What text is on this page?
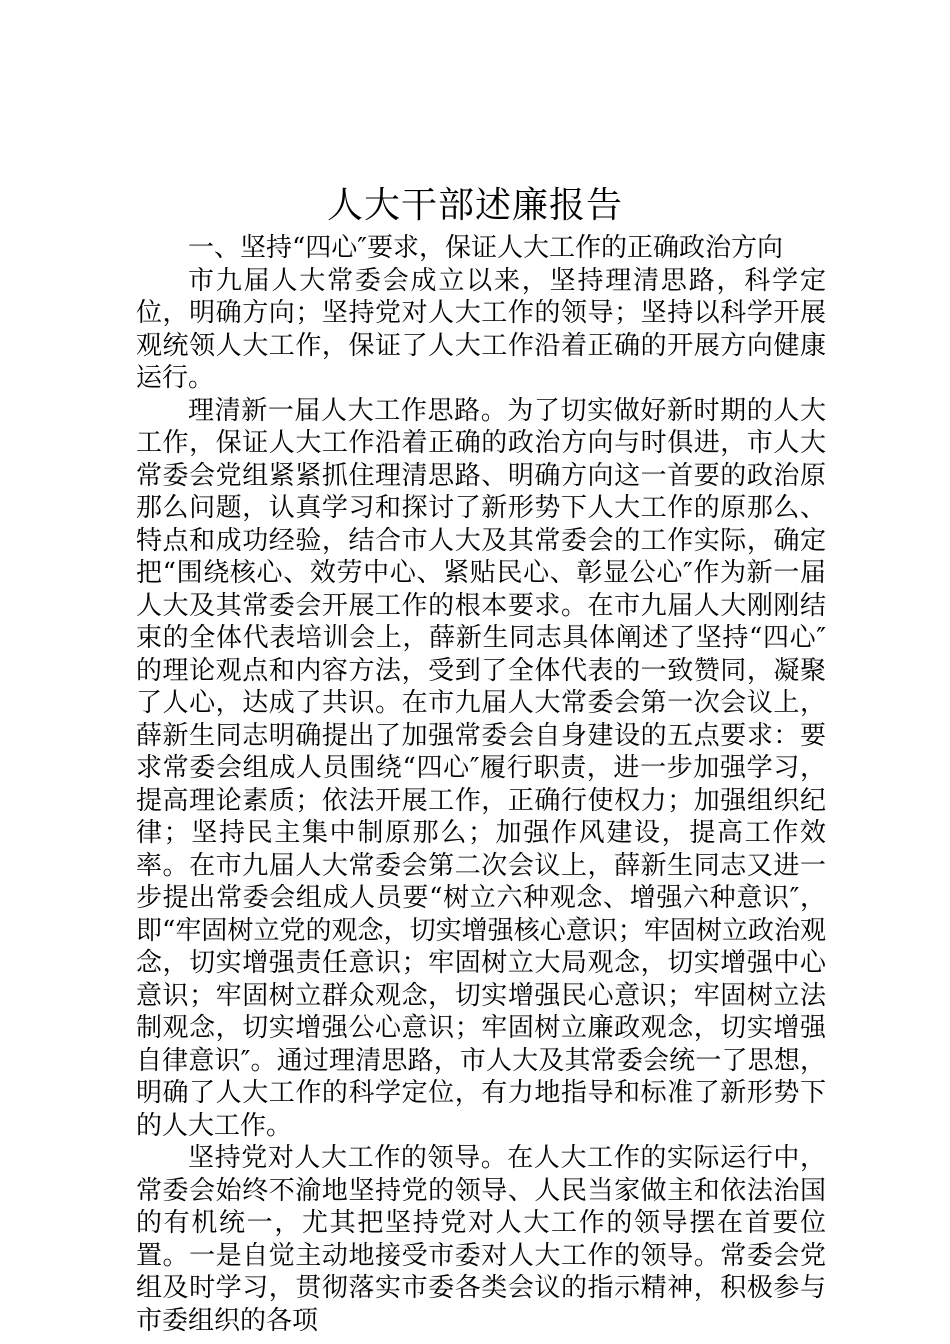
人大干部述廉报告

一、坚持“四心″要求，保证人大工作的正确政治方向

市九届人大常委会成立以来，坚持理清思路，科学定位，明确方向；坚持党对人大工作的领导；坚持以科学开展观统领人大工作，保证了人大工作沿着正确的开展方向健康运行。

理清新一届人大工作思路。为了切实做好新时期的人大工作，保证人大工作沿着正确的政治方向与时俱进，市人大常委会党组紧紧抓住理清思路、明确方向这一首要的政治原那么问题，认真学习和探讨了新形势下人大工作的原那么、特点和成功经验，结合市人大及其常委会的工作实际，确定把“围绕核心、效劳中心、紧贴民心、彰显公心″作为新一届人大及其常委会开展工作的根本要求。在市九届人大刚刚结束的全体代表培训会上，薛新生同志具体阐述了坚持“四心″的理论观点和内容方法，受到了全体代表的一致赞同，凝聚了人心，达成了共识。在市九届人大常委会第一次会议上，薛新生同志明确提出了加强常委会自身建设的五点要求：要求常委会组成人员围绕“四心″履行职责，进一步加强学习，提高理论素质；依法开展工作，正确行使权力；加强组织纪律；坚持民主集中制原那么；加强作风建设，提高工作效率。在市九届人大常委会第二次会议上，薛新生同志又进一步提出常委会组成人员要“树立六种观念、增强六种意识″，即“牢固树立党的观念，切实增强核心意识；牢固树立政治观念，切实增强责任意识；牢固树立大局观念，切实增强中心意识；牢固树立群众观念，切实增强民心意识；牢固树立法制观念，切实增强公心意识；牢固树立廉政观念，切实增强自律意识″。通过理清思路，市人大及其常委会统一了思想，明确了人大工作的科学定位，有力地指导和标准了新形势下的人大工作。

坚持党对人大工作的领导。在人大工作的实际运行中，常委会始终不渝地坚持党的领导、人民当家做主和依法治国的有机统一，尤其把坚持党对人大工作的领导摆在首要位置。一是自觉主动地接受市委对人大工作的领导。常委会党组及时学习，贯彻落实市委各类会议的指示精神，积极参与市委组织的各项
